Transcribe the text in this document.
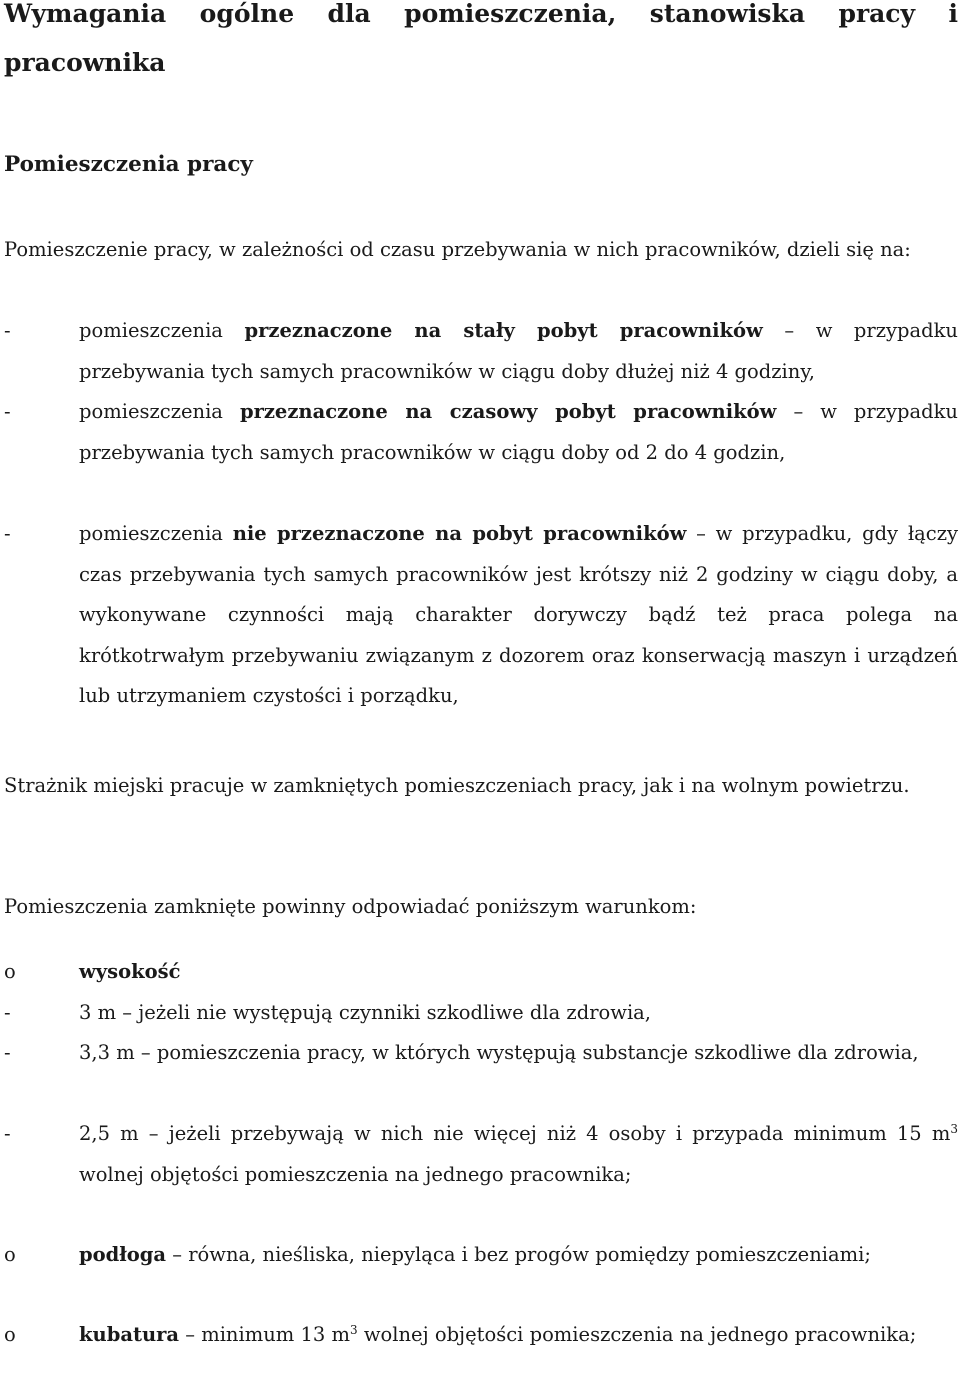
Wymagania ogólne dla pomieszczenia, stanowiska pracy i pracownika
Pomieszczenia pracy
Pomieszczenie pracy, w zależności od czasu przebywania w nich pracowników, dzieli się na:
-	pomieszczenia przeznaczone na stały pobyt pracowników – w przypadku przebywania tych samych pracowników w ciągu doby dłużej niż 4 godziny,
-	pomieszczenia przeznaczone na czasowy pobyt pracowników – w przypadku przebywania tych samych pracowników w ciągu doby od 2 do 4 godzin,
-	pomieszczenia nie przeznaczone na pobyt pracowników – w przypadku, gdy łączy czas przebywania tych samych pracowników jest krótszy niż 2 godziny w ciągu doby, a wykonywane czynności mają charakter dorywczy bądź też praca polega na krótkotrwałym przebywaniu związanym z dozorem oraz konserwacją maszyn i urządzeń lub utrzymaniem czystości i porządku,
Strażnik miejski pracuje w zamkniętych pomieszczeniach pracy, jak i na wolnym powietrzu.
Pomieszczenia zamknięte powinny odpowiadać poniższym warunkom:
o	wysokość
-	3 m – jeżeli nie występują czynniki szkodliwe dla zdrowia,
-	3,3 m – pomieszczenia pracy, w których występują substancje szkodliwe dla zdrowia,
-	2,5 m – jeżeli przebywają w nich nie więcej niż 4 osoby i przypada minimum 15 $m^3$ wolnej objętości pomieszczenia na jednego pracownika;
o	podłoga – równa, nieśliska, niepyląca i bez progów pomiędzy pomieszczeniami;
o	kubatura – minimum 13 $m^3$ wolnej objętości pomieszczenia na jednego pracownika;
